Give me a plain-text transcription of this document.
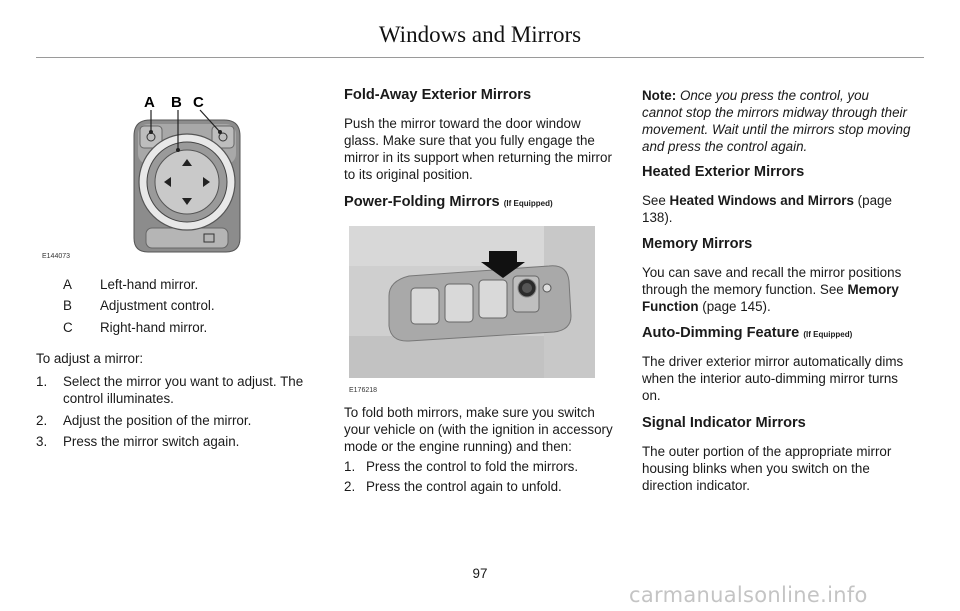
Windows and Mirrors
A B C
E144073
A Left-hand mirror.
B Adjustment control.
C Right-hand mirror.
To adjust a mirror:
1. Select the mirror you want to adjust. The
control illuminates.
2. Adjust the position of the mirror.
3. Press the mirror switch again.
Fold-Away Exterior Mirrors
Push the mirror toward the door window
glass. Make sure that you fully engage the
mirror in its support when returning the mirror
to its original position.
Power-Folding Mirrors (If Equipped)
E176218
To fold both mirrors, make sure you switch
your vehicle on (with the ignition in accessory
mode or the engine running) and then:
1. Press the control to fold the mirrors.
2. Press the control again to unfold.
Note: Once you press the control, you
cannot stop the mirrors midway through their
movement. Wait until the mirrors stop moving
and press the control again.
Heated Exterior Mirrors
See Heated Windows and Mirrors (page
138).
Memory Mirrors
You can save and recall the mirror positions
through the memory function. See Memory
Function (page 145).
Auto-Dimming Feature (If Equipped)
The driver exterior mirror automatically dims
when the interior auto-dimming mirror turns
on.
Signal Indicator Mirrors
The outer portion of the appropriate mirror
housing blinks when you switch on the
direction indicator.
97
carmanualsonline.info
